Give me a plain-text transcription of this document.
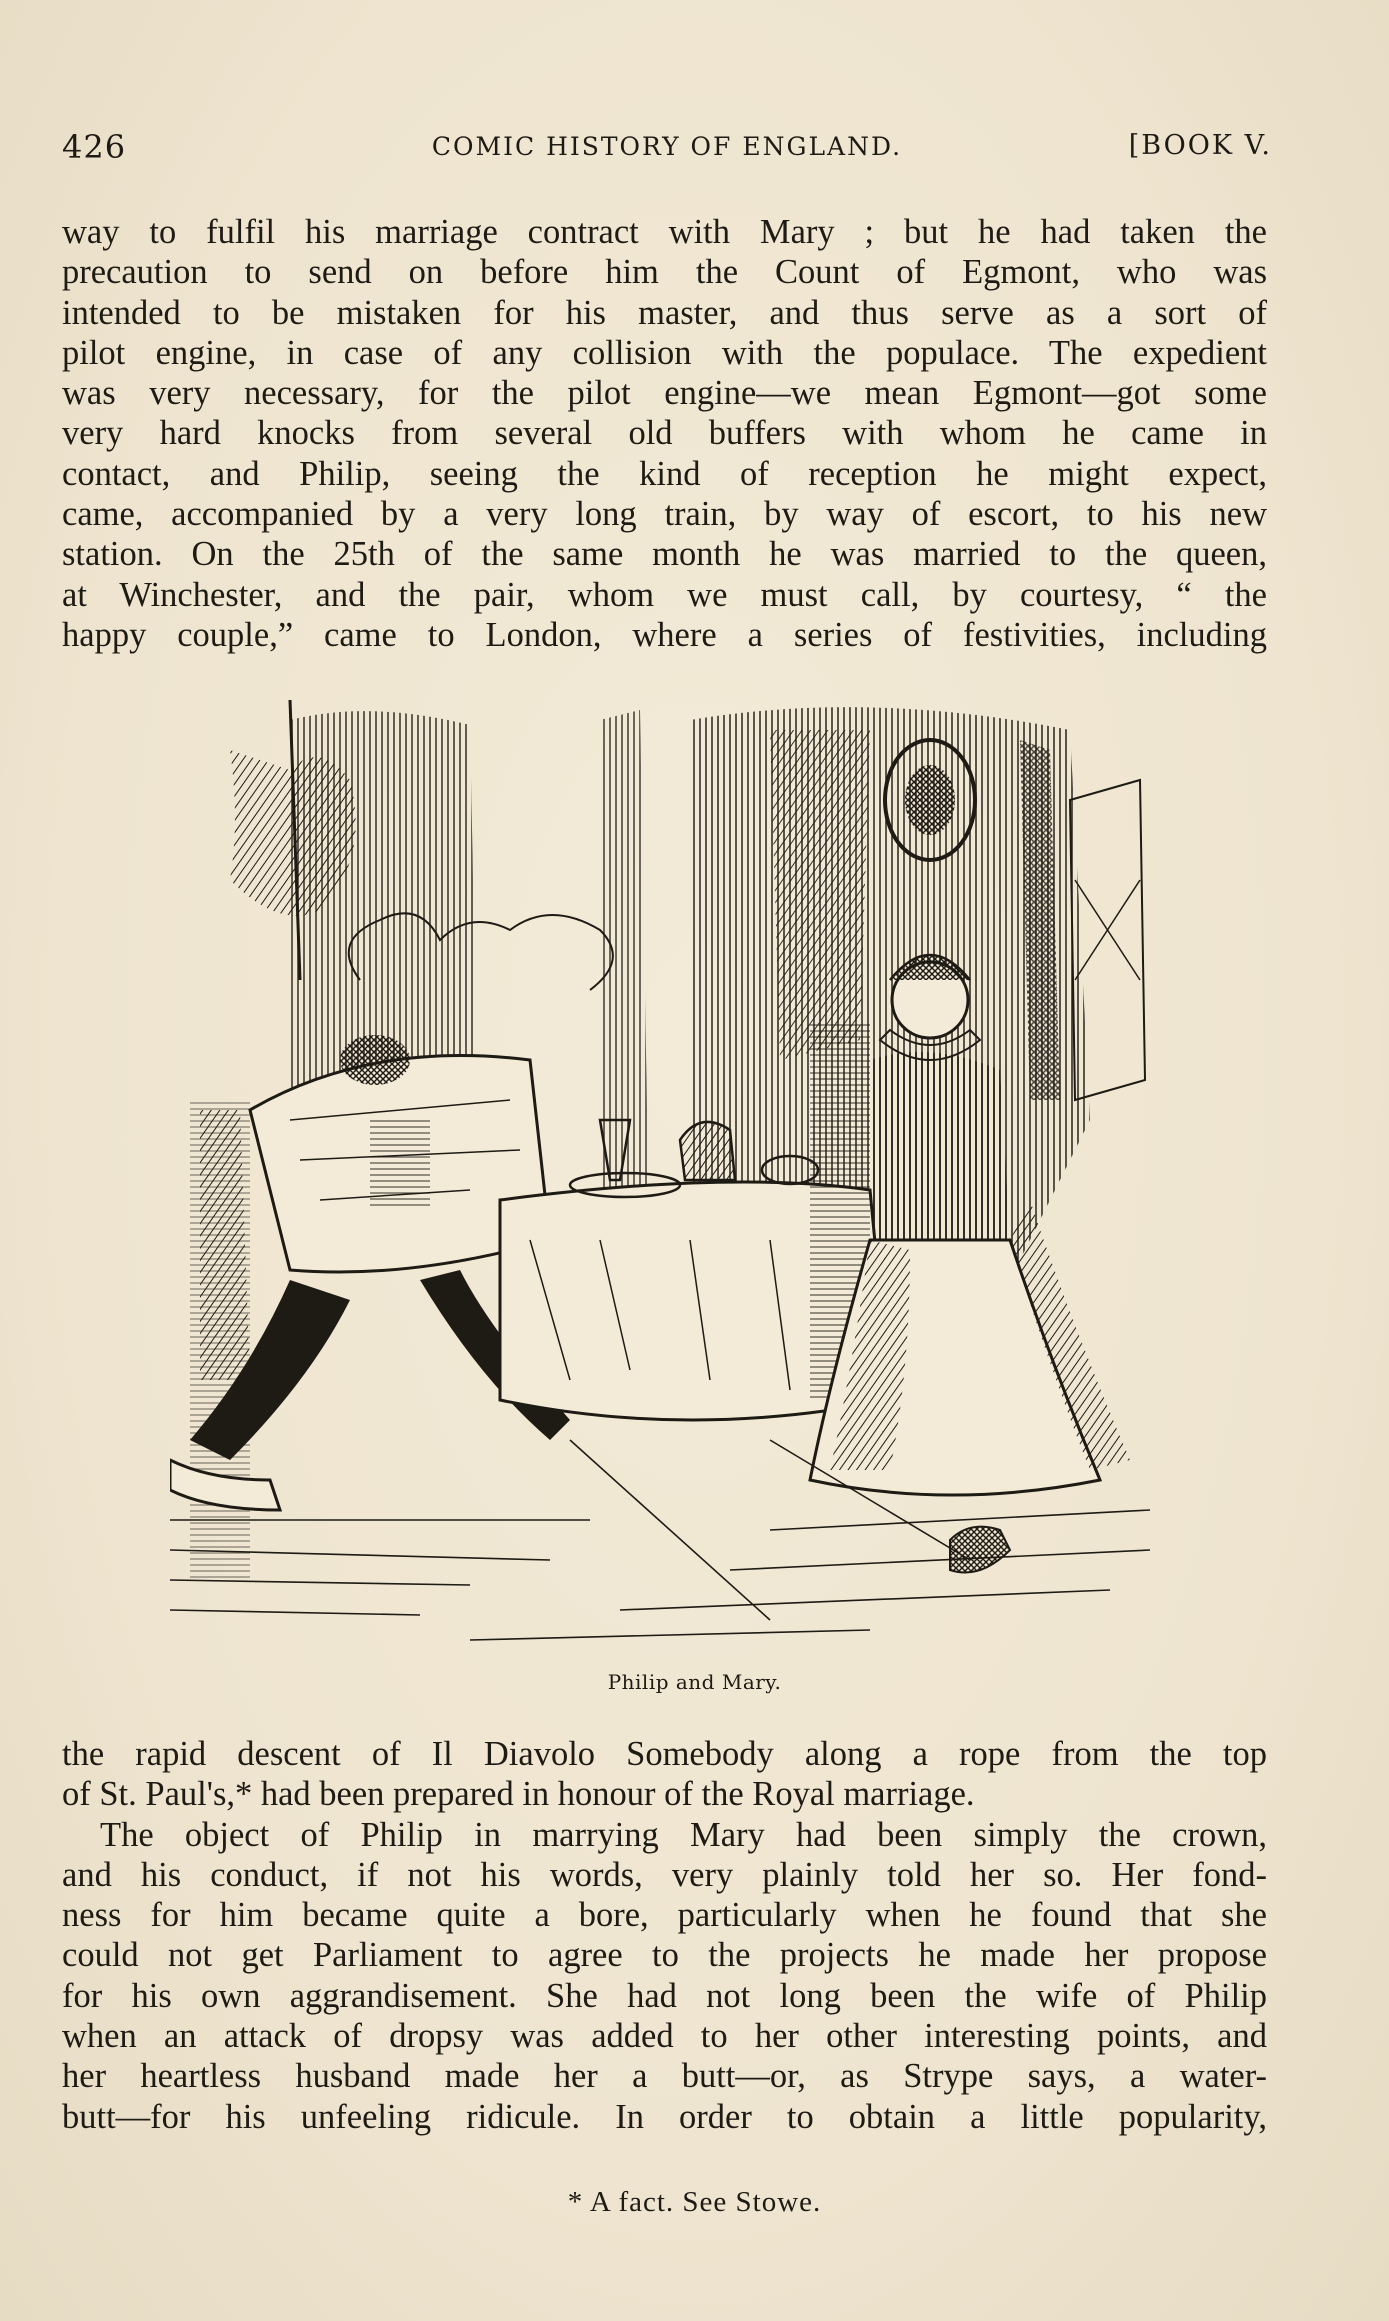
426	COMIC HISTORY OF ENGLAND.	[BOOK V.
way to fulfil his marriage contract with Mary ; but he had taken the
precaution to send on before him the Count of Egmont, who was
intended to be mistaken for his master, and thus serve as a sort of
pilot engine, in case of any collision with the populace. The expedient
was very necessary, for the pilot engine—we mean Egmont—got some
very hard knocks from several old buffers with whom he came in
contact, and Philip, seeing the kind of reception he might expect,
came, accompanied by a very long train, by way of escort, to his new
station. On the 25th of the same month he was married to the queen,
at Winchester, and the pair, whom we must call, by courtesy, “ the
happy couple,” came to London, where a series of festivities, including
Philip and Mary.
the rapid descent of Il Diavolo Somebody along a rope from the top
of St. Paul's,* had been prepared in honour of the Royal marriage.
The object of Philip in marrying Mary had been simply the crown,
and his conduct, if not his words, very plainly told her so. Her fond-
ness for him became quite a bore, particularly when he found that she
could not get Parliament to agree to the projects he made her propose
for his own aggrandisement. She had not long been the wife of Philip
when an attack of dropsy was added to her other interesting points, and
her heartless husband made her a butt—or, as Strype says, a water-
butt—for his unfeeling ridicule. In order to obtain a little popularity,
* A fact. See Stowe.
